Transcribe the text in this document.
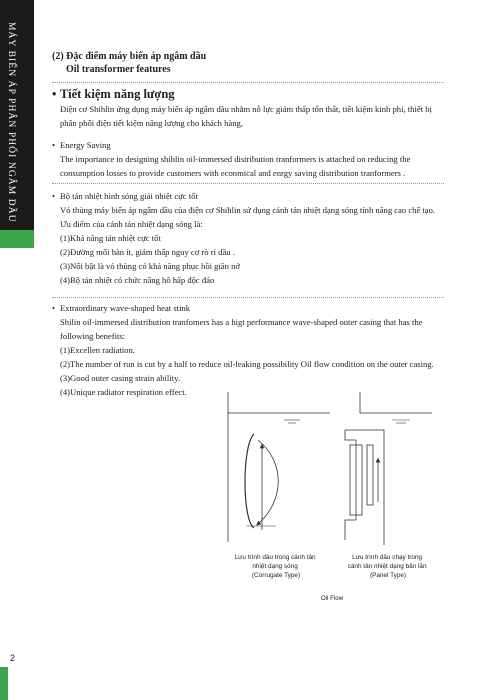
MÁY BIẾN ÁP PHÂN PHỐI NGÂM DẦU	(2) Đặc điểm máy biến áp ngâm dầu
Oil transformer features
• Tiết kiệm năng lượng

Điện cơ Shihlin ứng dụng máy biến áp ngâm dầu nhằm nỗ lực giảm thấp tổn thất, tiết kiệm kinh phí, thiết bị phân phối điện tiết kiệm năng lượng cho khách hàng,

• Energy Saving

The importance in designing shihlin oil-immersed distribution tranformers is attached on reducing the consumption losses to provide customers with econmical and enrgy saving distribution tranformers .

• Bộ tản nhiệt hình sóng giải nhiệt cực tốt

Vỏ thùng máy biến áp ngâm dầu của điện cơ Shihlin sử dụng cánh tản nhiệt dạng sóng tính năng cao chế tạo. Ưu điểm của cánh tản nhiệt dạng sóng là:

(1)Khả năng tản nhiệt cực tốt
(2)Đường mối hàn ít, giảm thấp nguy cơ rò rỉ dầu .
(3)Nối bật là vỏ thùng có khả năng phục hồi giãn nở
(4)Bộ tản nhiệt có chức năng hô hấp độc đáo
• Extraordinary wave-shaped heat stink

Shilin oil-immersed distribution tranfomers has a higt performance wave-shaped outer casing that has the following benefits:

(1)Excellen radiation.
(2)The number of run is cut by a half to reduce oil-leaking possibility Oil flow condition on the outer casing.
(3)Good outer casing strain ability.
(4)Unique radiator respiration effect.
Lưu trình dầu trong cánh tản nhiệt dạng sóng (Corrugate Type)
Lưu trình dầu chạy trong cánh tản nhiệt dạng bản lăn (Panel Type)
Oil Flow
2
